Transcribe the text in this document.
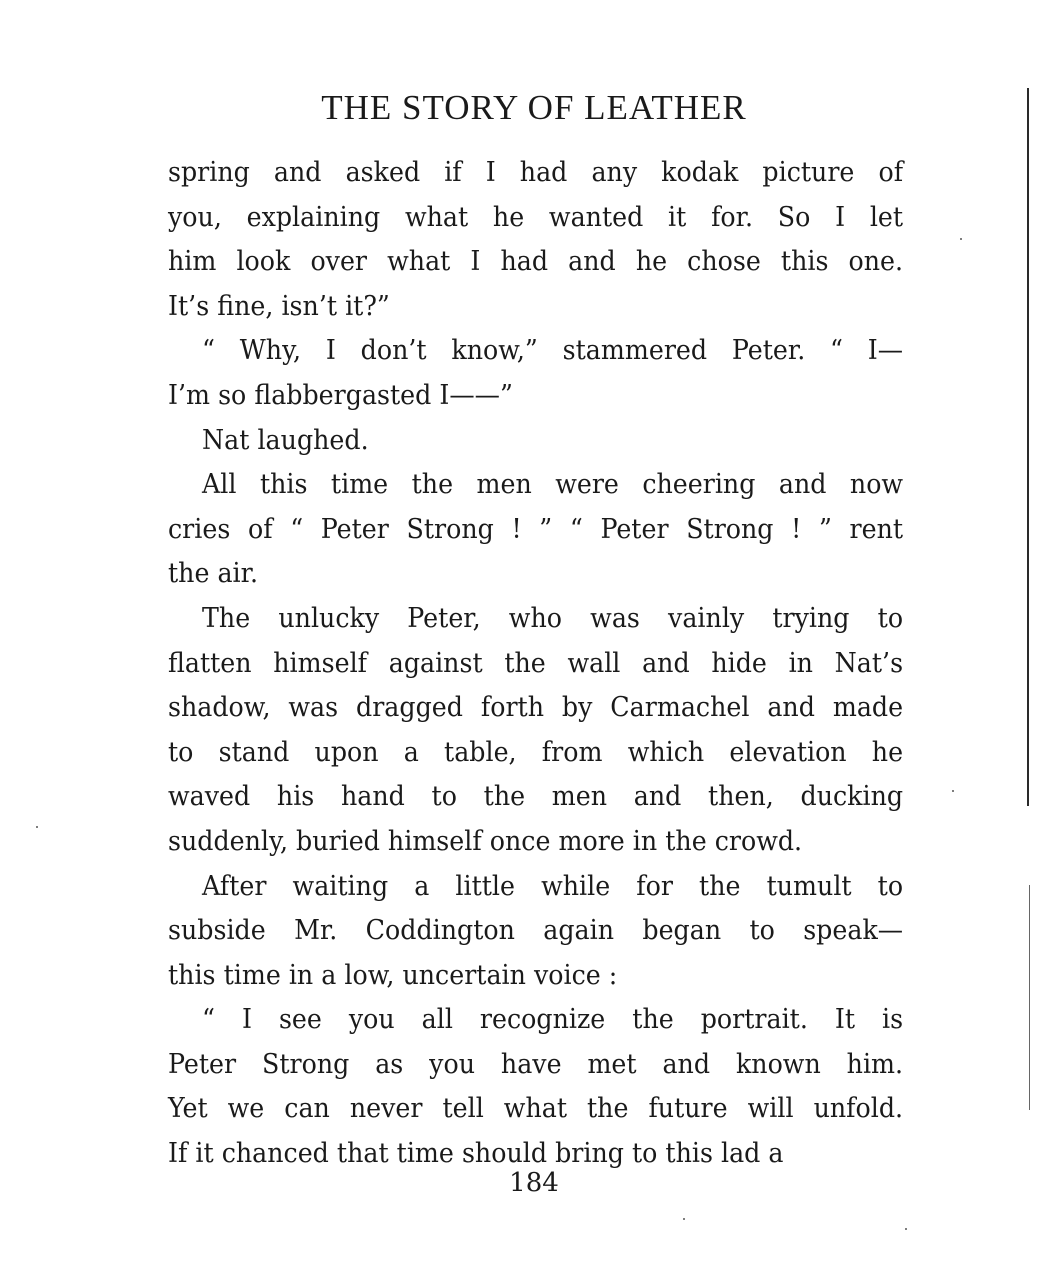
THE STORY OF LEATHER
spring and asked if I had any kodak picture of
you, explaining what he wanted it for. So I let
him look over what I had and he chose this one.
It’s fine, isn’t it?”
“ Why, I don’t know,” stammered Peter. “ I—
I’m so flabbergasted I——”
Nat laughed.
All this time the men were cheering and now
cries of “ Peter Strong ! ” “ Peter Strong ! ” rent
the air.
The unlucky Peter, who was vainly trying to
flatten himself against the wall and hide in Nat’s
shadow, was dragged forth by Carmachel and made
to stand upon a table, from which elevation he
waved his hand to the men and then, ducking
suddenly, buried himself once more in the crowd.
After waiting a little while for the tumult to
subside Mr. Coddington again began to speak—
this time in a low, uncertain voice :
“ I see you all recognize the portrait. It is
Peter Strong as you have met and known him.
Yet we can never tell what the future will unfold.
If it chanced that time should bring to this lad a
184
